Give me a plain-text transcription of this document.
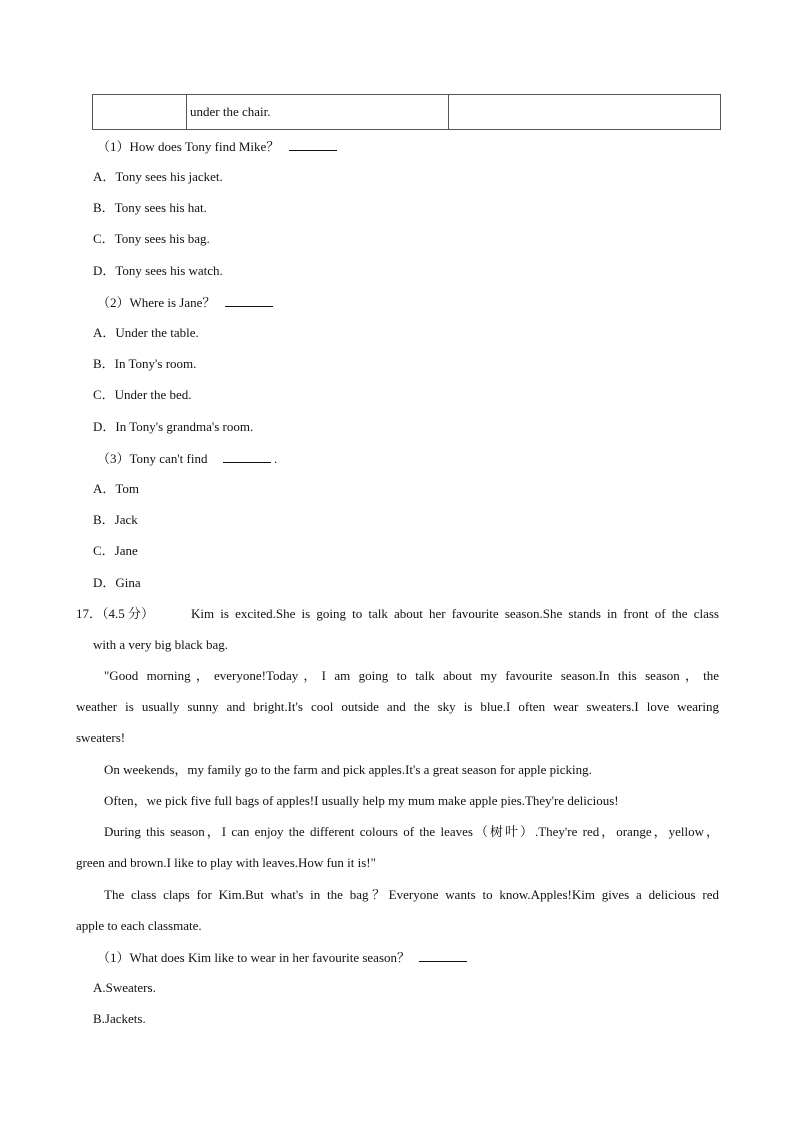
	under the chair.	
（1）How does Tony find Mike？
A．Tony sees his jacket.
B．Tony sees his hat.
C．Tony sees his bag.
D．Tony sees his watch.
（2）Where is Jane？
A．Under the table.
B．In Tony's room.
C．Under the bed.
D．In Tony's grandma's room.
（3）Tony can't find	.
A．Tom
B．Jack
C．Jane
D．Gina
17．（4.5 分）	Kim is excited.She is going to talk about her favourite season.She stands in front of the class
with a very big black bag.
"Good morning，everyone!Today，I am going to talk about my favourite season.In this season，the
weather is usually sunny and bright.It's cool outside and the sky is blue.I often wear sweaters.I love wearing
sweaters!
On weekends，my family go to the farm and pick apples.It's a great season for apple picking.
Often，we pick five full bags of apples!I usually help my mum make apple pies.They're delicious!
During this season，I can enjoy the different colours of the leaves（树叶）.They're red，orange，yellow，
green and brown.I like to play with leaves.How fun it is!"
The class claps for Kim.But what's in the bag？Everyone wants to know.Apples!Kim gives a delicious red
apple to each classmate.
（1）What does Kim like to wear in her favourite season？
A.Sweaters.
B.Jackets.
